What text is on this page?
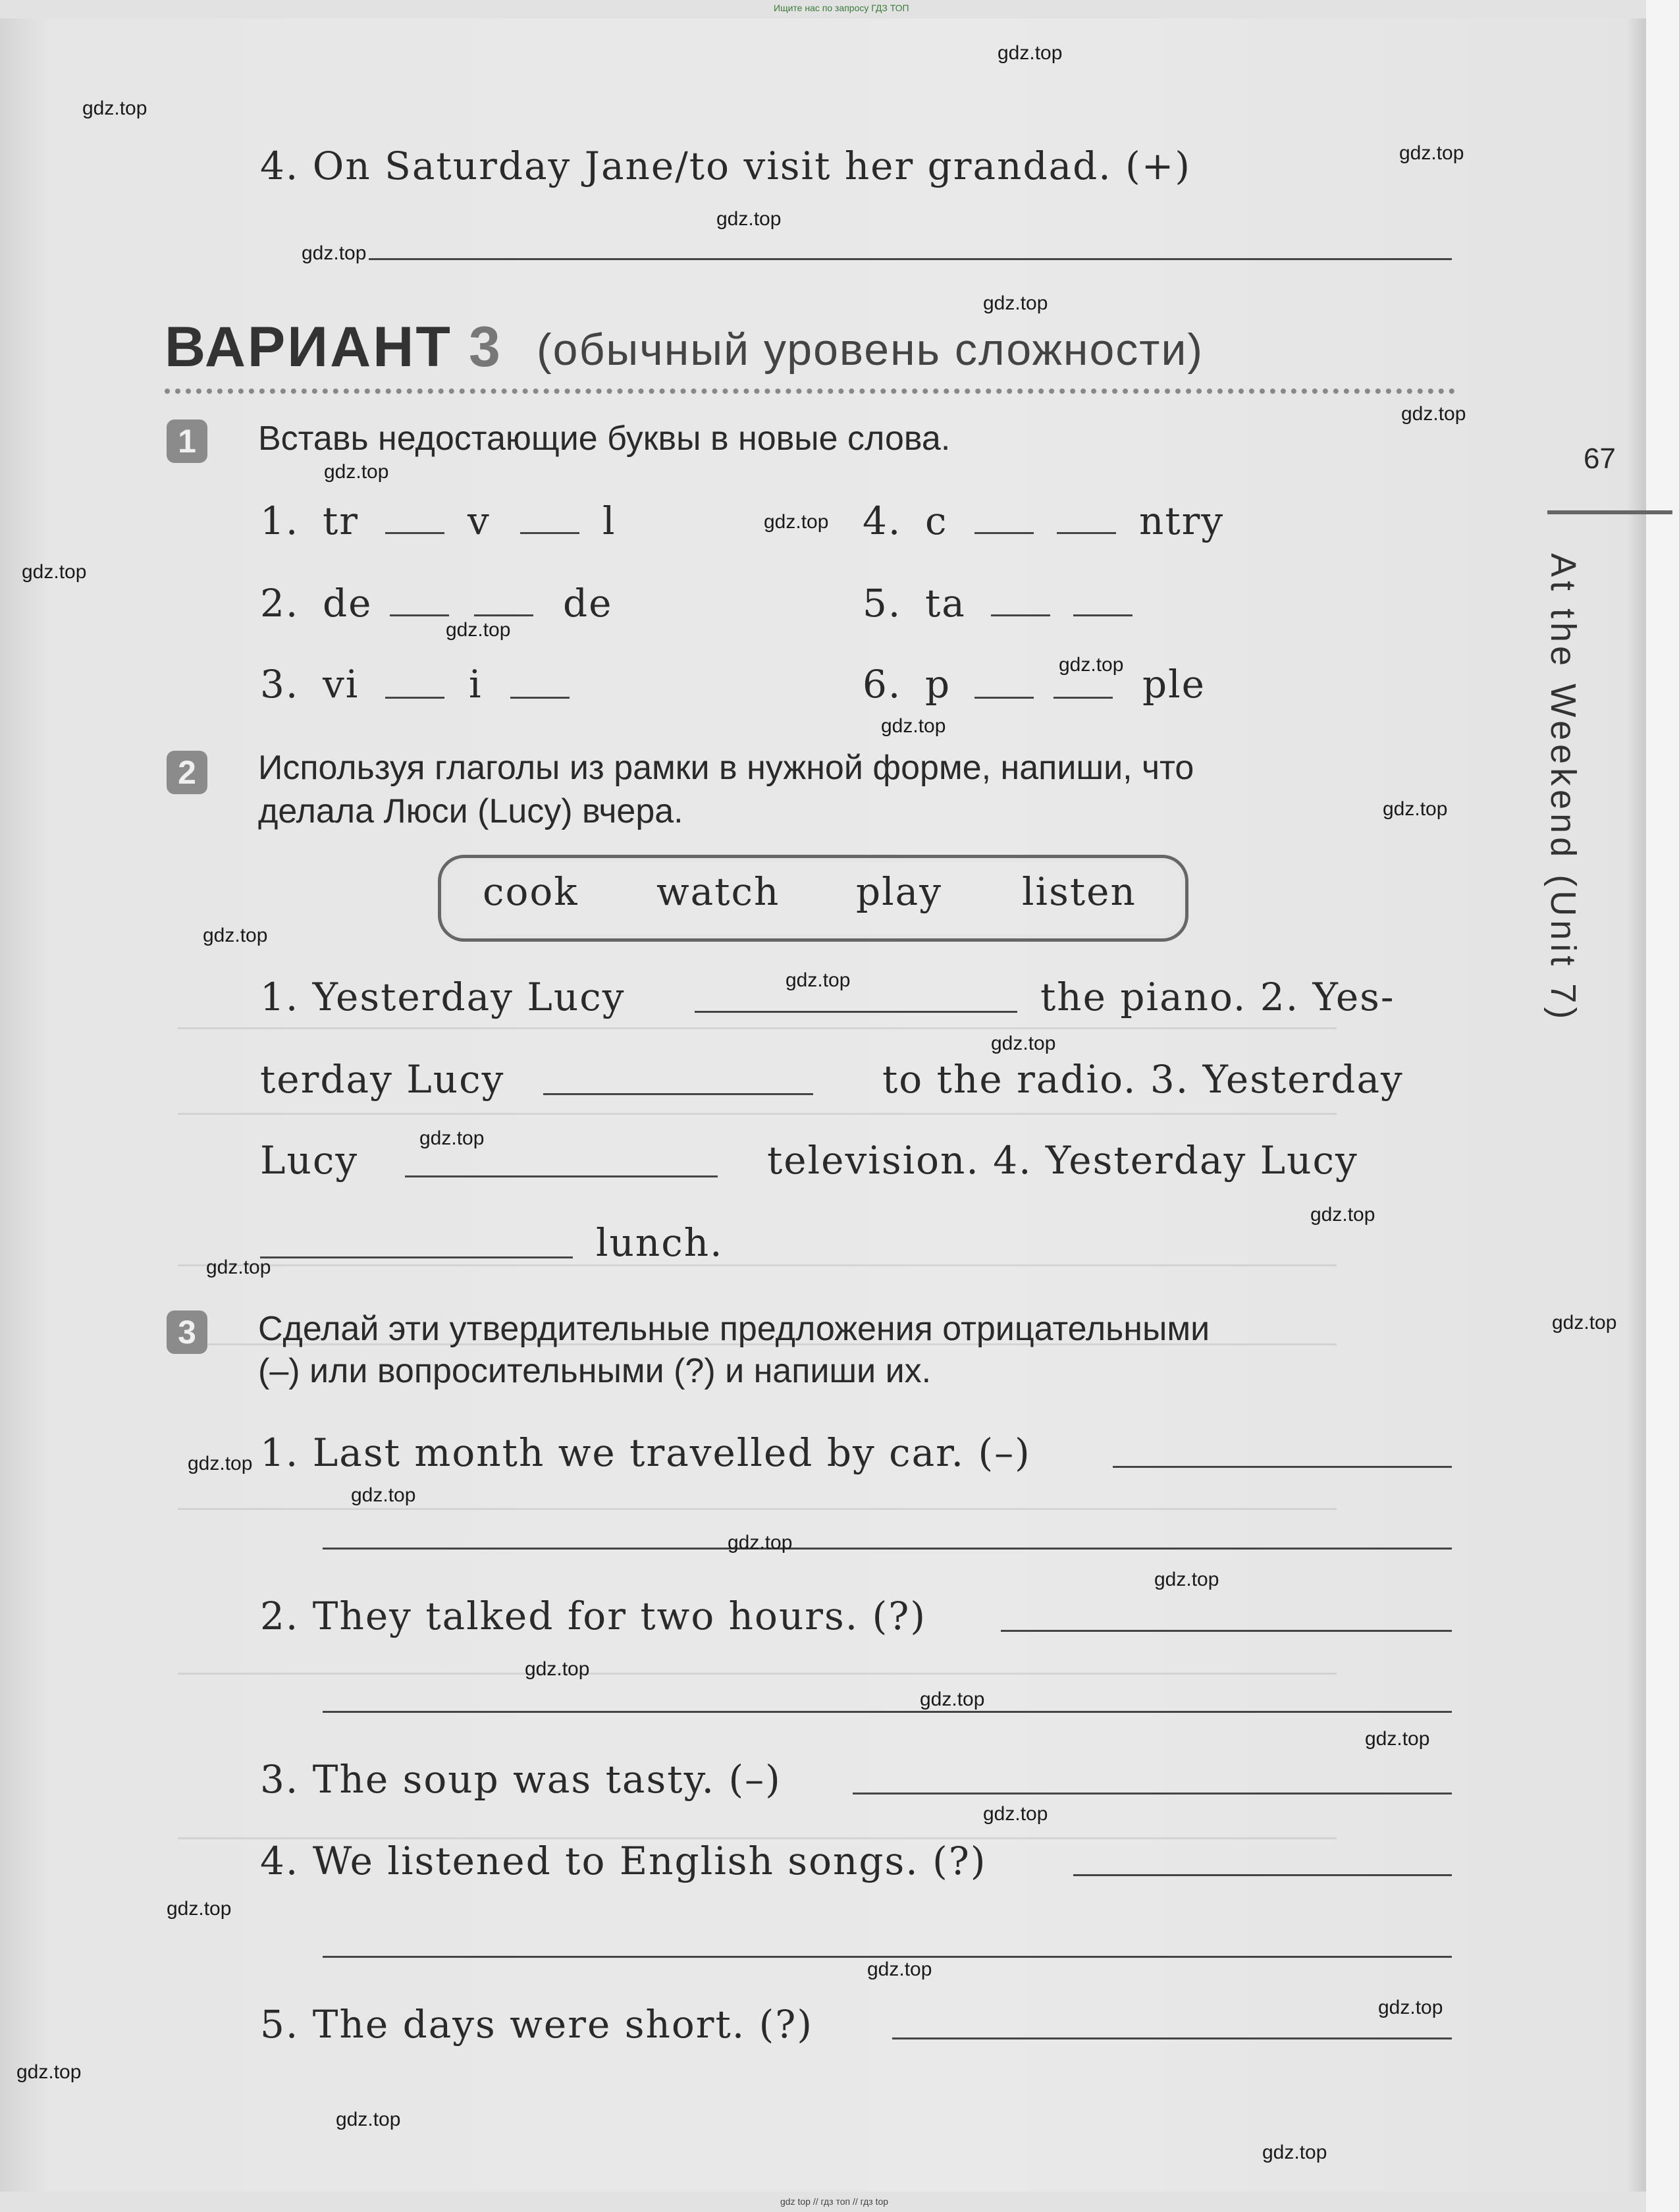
Ищите нас по запросу ГДЗ ТОП
gdz top // гдз топ // гдз top
4. On Saturday Jane/to visit her grandad. (+)
ВАРИАНТ 3 (обычный уровень сложности)
1	Вставь недостающие буквы в новые слова.
1. tr	v	l
2. de	de
3. vi	i
4. c	ntry
5. ta
6. p	ple
2	Используя глаголы из рамки в нужной форме, напиши, что
делала Люси (Lucy) вчера.
cook watch play listen
1. Yesterday Lucy	the piano. 2. Yes-
terday Lucy	to the radio. 3. Yesterday
Lucy	television. 4. Yesterday Lucy
lunch.
3	Сделай эти утвердительные предложения отрицательными
(–) или вопросительными (?) и напиши их.
1. Last month we travelled by car. (–)
2. They talked for two hours. (?)
3. The soup was tasty. (–)
4. We listened to English songs. (?)
5. The days were short. (?)
67
At the Weekend (Unit 7)
gdz.top
gdz.top
gdz.top
gdz.top
gdz.top
gdz.top
gdz.top
gdz.top
gdz.top
gdz.top
gdz.top
gdz.top
gdz.top
gdz.top
gdz.top
gdz.top
gdz.top
gdz.top
gdz.top
gdz.top
gdz.top
gdz.top
gdz.top
gdz.top
gdz.top
gdz.top
gdz.top
gdz.top
gdz.top
gdz.top
gdz.top
gdz.top
gdz.top
gdz.top
gdz.top
